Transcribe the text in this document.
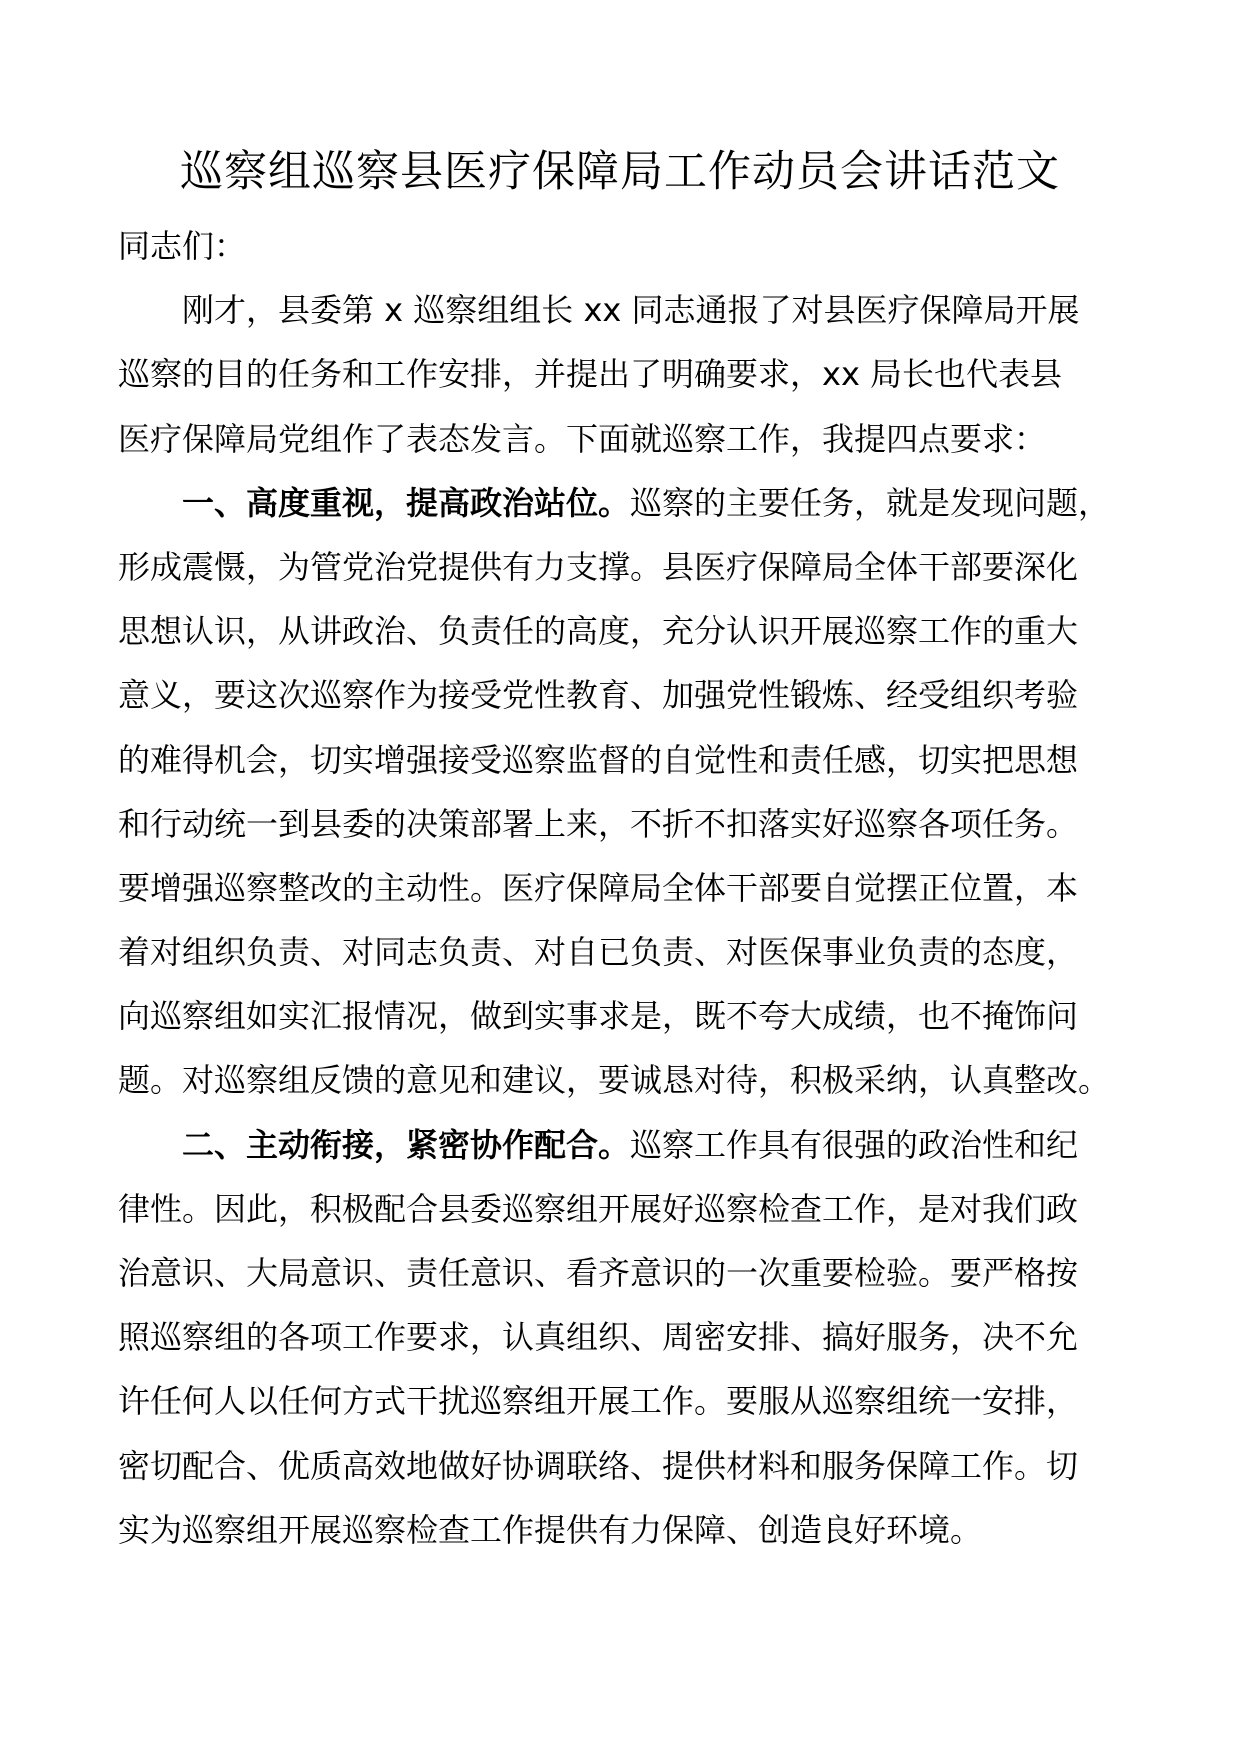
巡察组巡察县医疗保障局工作动员会讲话范文
同志们：
刚才，县委第 x 巡察组组长 xx 同志通报了对县医疗保障局开展
巡察的目的任务和工作安排，并提出了明确要求，xx 局长也代表县
医疗保障局党组作了表态发言。下面就巡察工作，我提四点要求：
一、高度重视，提高政治站位。巡察的主要任务，就是发现问题，
形成震慑，为管党治党提供有力支撑。县医疗保障局全体干部要深化
思想认识，从讲政治、负责任的高度，充分认识开展巡察工作的重大
意义，要这次巡察作为接受党性教育、加强党性锻炼、经受组织考验
的难得机会，切实增强接受巡察监督的自觉性和责任感，切实把思想
和行动统一到县委的决策部署上来，不折不扣落实好巡察各项任务。
要增强巡察整改的主动性。医疗保障局全体干部要自觉摆正位置，本
着对组织负责、对同志负责、对自已负责、对医保事业负责的态度，
向巡察组如实汇报情况，做到实事求是，既不夸大成绩，也不掩饰问
题。对巡察组反馈的意见和建议，要诚恳对待，积极采纳，认真整改。
二、主动衔接，紧密协作配合。巡察工作具有很强的政治性和纪
律性。因此，积极配合县委巡察组开展好巡察检查工作，是对我们政
治意识、大局意识、责任意识、看齐意识的一次重要检验。要严格按
照巡察组的各项工作要求，认真组织、周密安排、搞好服务，决不允
许任何人以任何方式干扰巡察组开展工作。要服从巡察组统一安排，
密切配合、优质高效地做好协调联络、提供材料和服务保障工作。切
实为巡察组开展巡察检查工作提供有力保障、创造良好环境。
